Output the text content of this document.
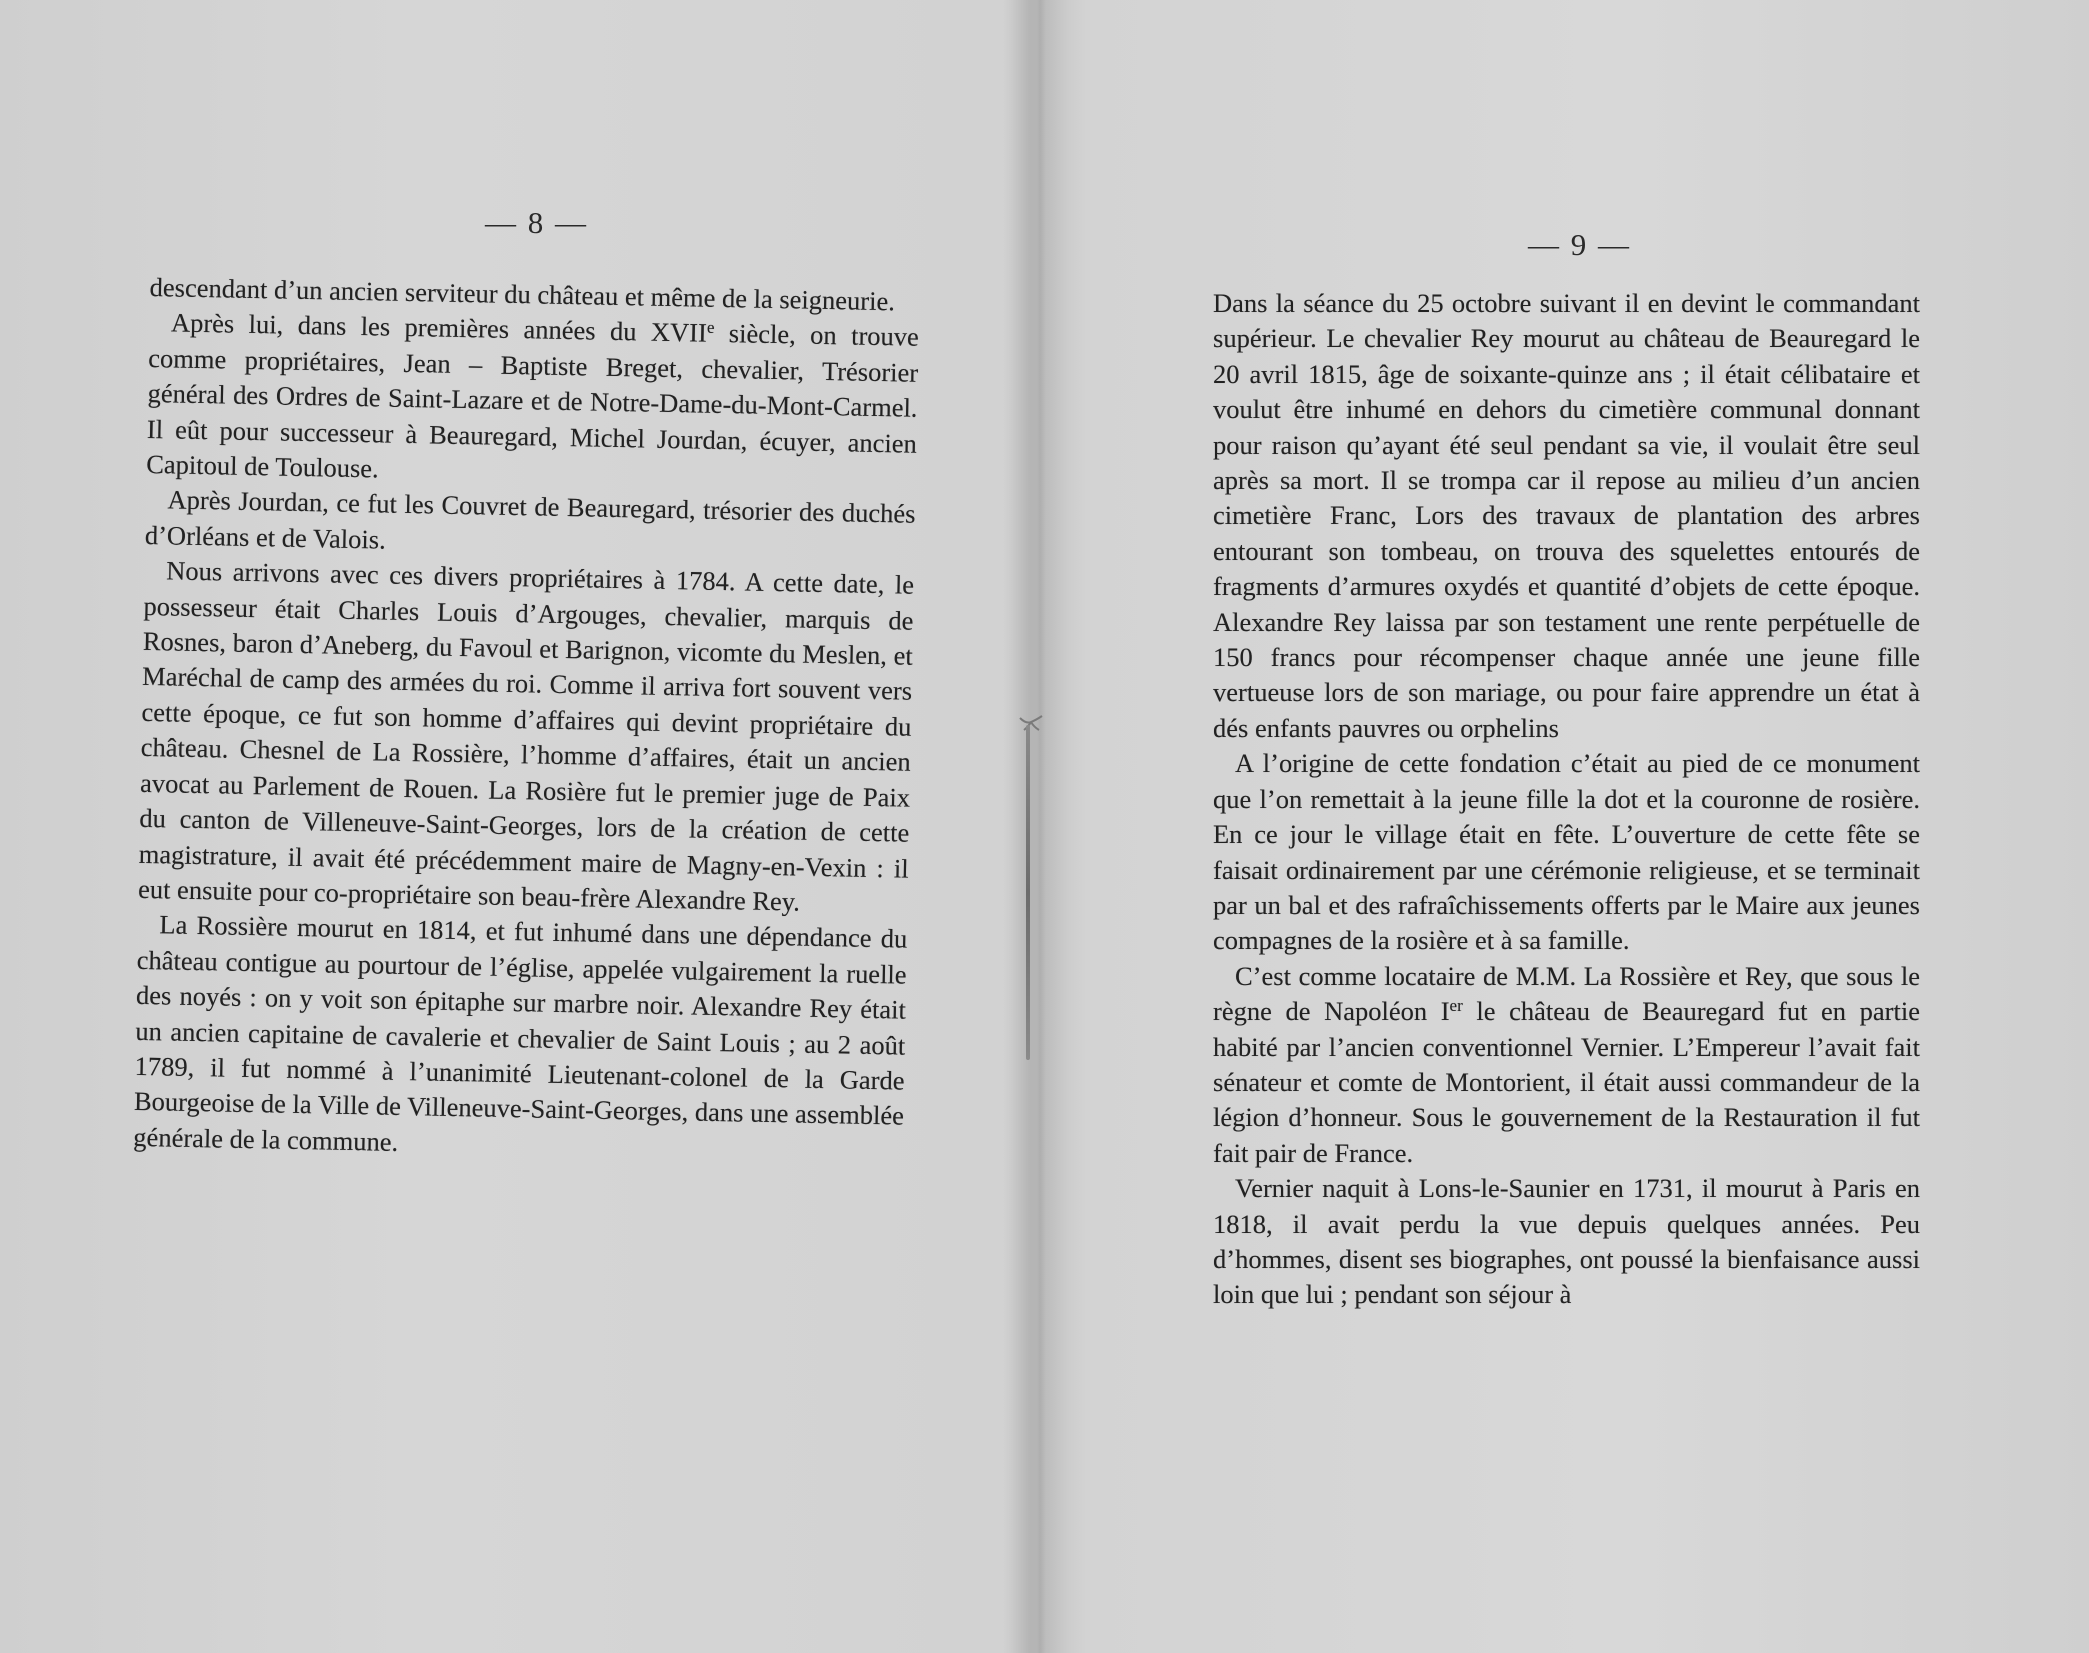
— 8 —

descendant d’un ancien serviteur du château et même de la seigneurie.

Après lui, dans les premières années du XVIIe siècle, on trouve comme propriétaires, Jean – Baptiste Breget, chevalier, Trésorier général des Ordres de Saint-Lazare et de Notre-Dame-du-Mont-Carmel. Il eût pour successeur à Beauregard, Michel Jourdan, écuyer, ancien Capitoul de Toulouse.

Après Jourdan, ce fut les Couvret de Beauregard, trésorier des duchés d’Orléans et de Valois.

Nous arrivons avec ces divers propriétaires à 1784. A cette date, le possesseur était Charles Louis d’Argouges, chevalier, marquis de Rosnes, baron d’Aneberg, du Favoul et Barignon, vicomte du Meslen, et Maréchal de camp des armées du roi. Comme il arriva fort souvent vers cette époque, ce fut son homme d’affaires qui devint propriétaire du château. Chesnel de La Rossière, l’homme d’affaires, était un ancien avocat au Parlement de Rouen. La Rosière fut le premier juge de Paix du canton de Villeneuve-Saint-Georges, lors de la création de cette magistrature, il avait été précédemment maire de Magny-en-Vexin : il eut ensuite pour co-propriétaire son beau-frère Alexandre Rey.

La Rossière mourut en 1814, et fut inhumé dans une dépendance du château contigue au pourtour de l’église, appelée vulgairement la ruelle des noyés : on y voit son épitaphe sur marbre noir. Alexandre Rey était un ancien capitaine de cavalerie et chevalier de Saint Louis ; au 2 août 1789, il fut nommé à l’unanimité Lieutenant-colonel de la Garde Bourgeoise de la Ville de Villeneuve-Saint-Georges, dans une assemblée générale de la commune.

— 9 —

Dans la séance du 25 octobre suivant il en devint le commandant supérieur. Le chevalier Rey mourut au château de Beauregard le 20 avril 1815, âge de soixante-quinze ans ; il était célibataire et voulut être inhumé en dehors du cimetière communal donnant pour raison qu’ayant été seul pendant sa vie, il voulait être seul après sa mort. Il se trompa car il repose au milieu d’un ancien cimetière Franc, Lors des travaux de plantation des arbres entourant son tombeau, on trouva des squelettes entourés de fragments d’armures oxydés et quantité d’objets de cette époque. Alexandre Rey laissa par son testament une rente perpétuelle de 150 francs pour récompenser chaque année une jeune fille vertueuse lors de son mariage, ou pour faire apprendre un état à dés enfants pauvres ou orphelins

A l’origine de cette fondation c’était au pied de ce monument que l’on remettait à la jeune fille la dot et la couronne de rosière. En ce jour le village était en fête. L’ouverture de cette fête se faisait ordinairement par une cérémonie religieuse, et se terminait par un bal et des rafraîchissements offerts par le Maire aux jeunes compagnes de la rosière et à sa famille.

C’est comme locataire de M.M. La Rossière et Rey, que sous le règne de Napoléon Ier le château de Beauregard fut en partie habité par l’ancien conventionnel Vernier. L’Empereur l’avait fait sénateur et comte de Montorient, il était aussi commandeur de la légion d’honneur. Sous le gouvernement de la Restauration il fut fait pair de France.

Vernier naquit à Lons-le-Saunier en 1731, il mourut à Paris en 1818, il avait perdu la vue depuis quelques années. Peu d’hommes, disent ses biographes, ont poussé la bienfaisance aussi loin que lui ; pendant son séjour à
